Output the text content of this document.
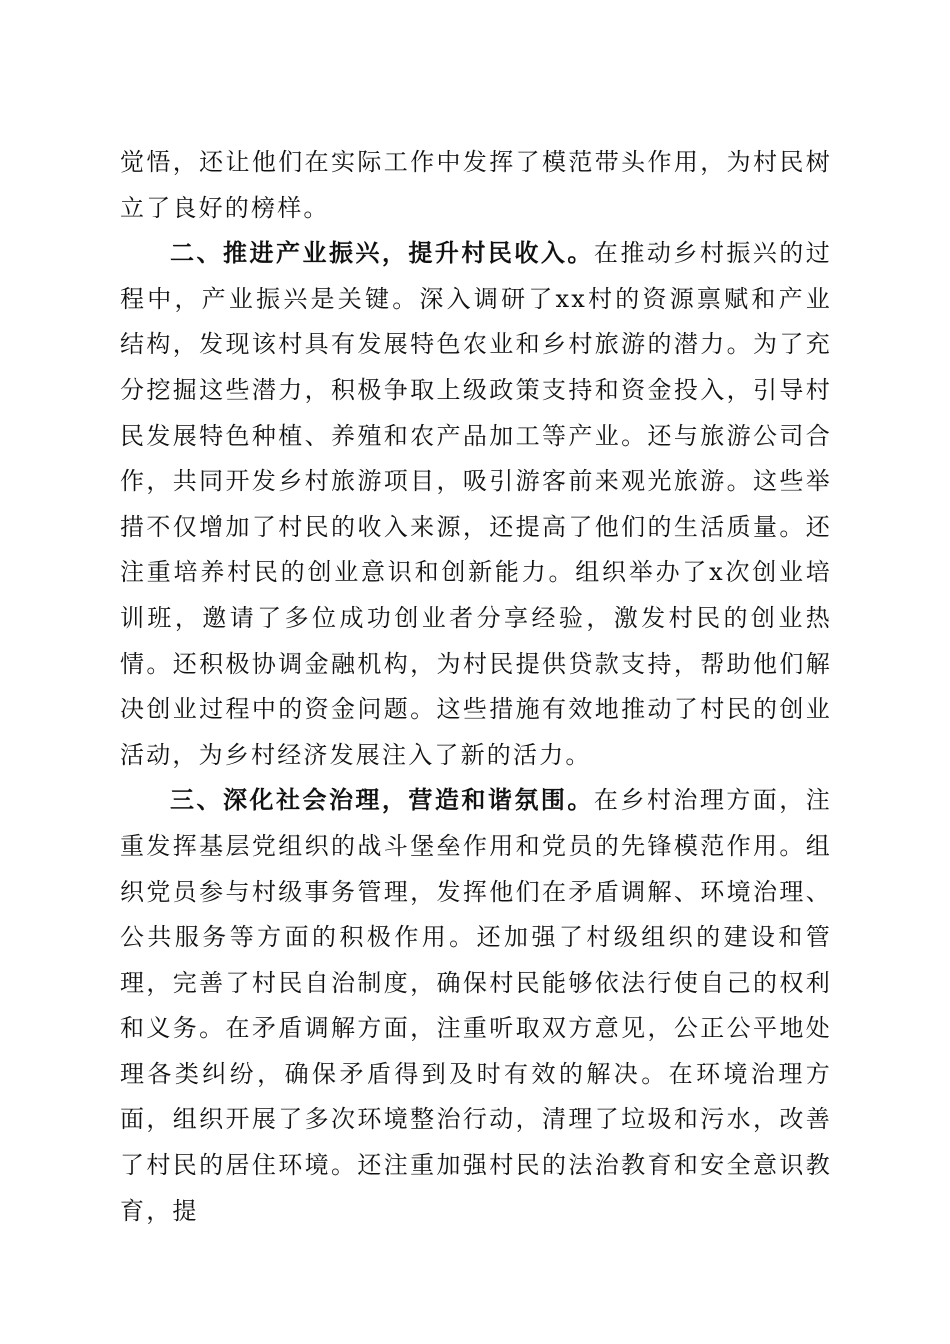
觉悟，还让他们在实际工作中发挥了模范带头作用，为村民树立了良好的榜样。

二、推进产业振兴，提升村民收入。在推动乡村振兴的过程中，产业振兴是关键。深入调研了xx村的资源禀赋和产业结构，发现该村具有发展特色农业和乡村旅游的潜力。为了充分挖掘这些潜力，积极争取上级政策支持和资金投入，引导村民发展特色种植、养殖和农产品加工等产业。还与旅游公司合作，共同开发乡村旅游项目，吸引游客前来观光旅游。这些举措不仅增加了村民的收入来源，还提高了他们的生活质量。还注重培养村民的创业意识和创新能力。组织举办了x次创业培训班，邀请了多位成功创业者分享经验，激发村民的创业热情。还积极协调金融机构，为村民提供贷款支持，帮助他们解决创业过程中的资金问题。这些措施有效地推动了村民的创业活动，为乡村经济发展注入了新的活力。

三、深化社会治理，营造和谐氛围。在乡村治理方面，注重发挥基层党组织的战斗堡垒作用和党员的先锋模范作用。组织党员参与村级事务管理，发挥他们在矛盾调解、环境治理、公共服务等方面的积极作用。还加强了村级组织的建设和管理，完善了村民自治制度，确保村民能够依法行使自己的权利和义务。在矛盾调解方面，注重听取双方意见，公正公平地处理各类纠纷，确保矛盾得到及时有效的解决。在环境治理方面，组织开展了多次环境整治行动，清理了垃圾和污水，改善了村民的居住环境。还注重加强村民的法治教育和安全意识教育，提
